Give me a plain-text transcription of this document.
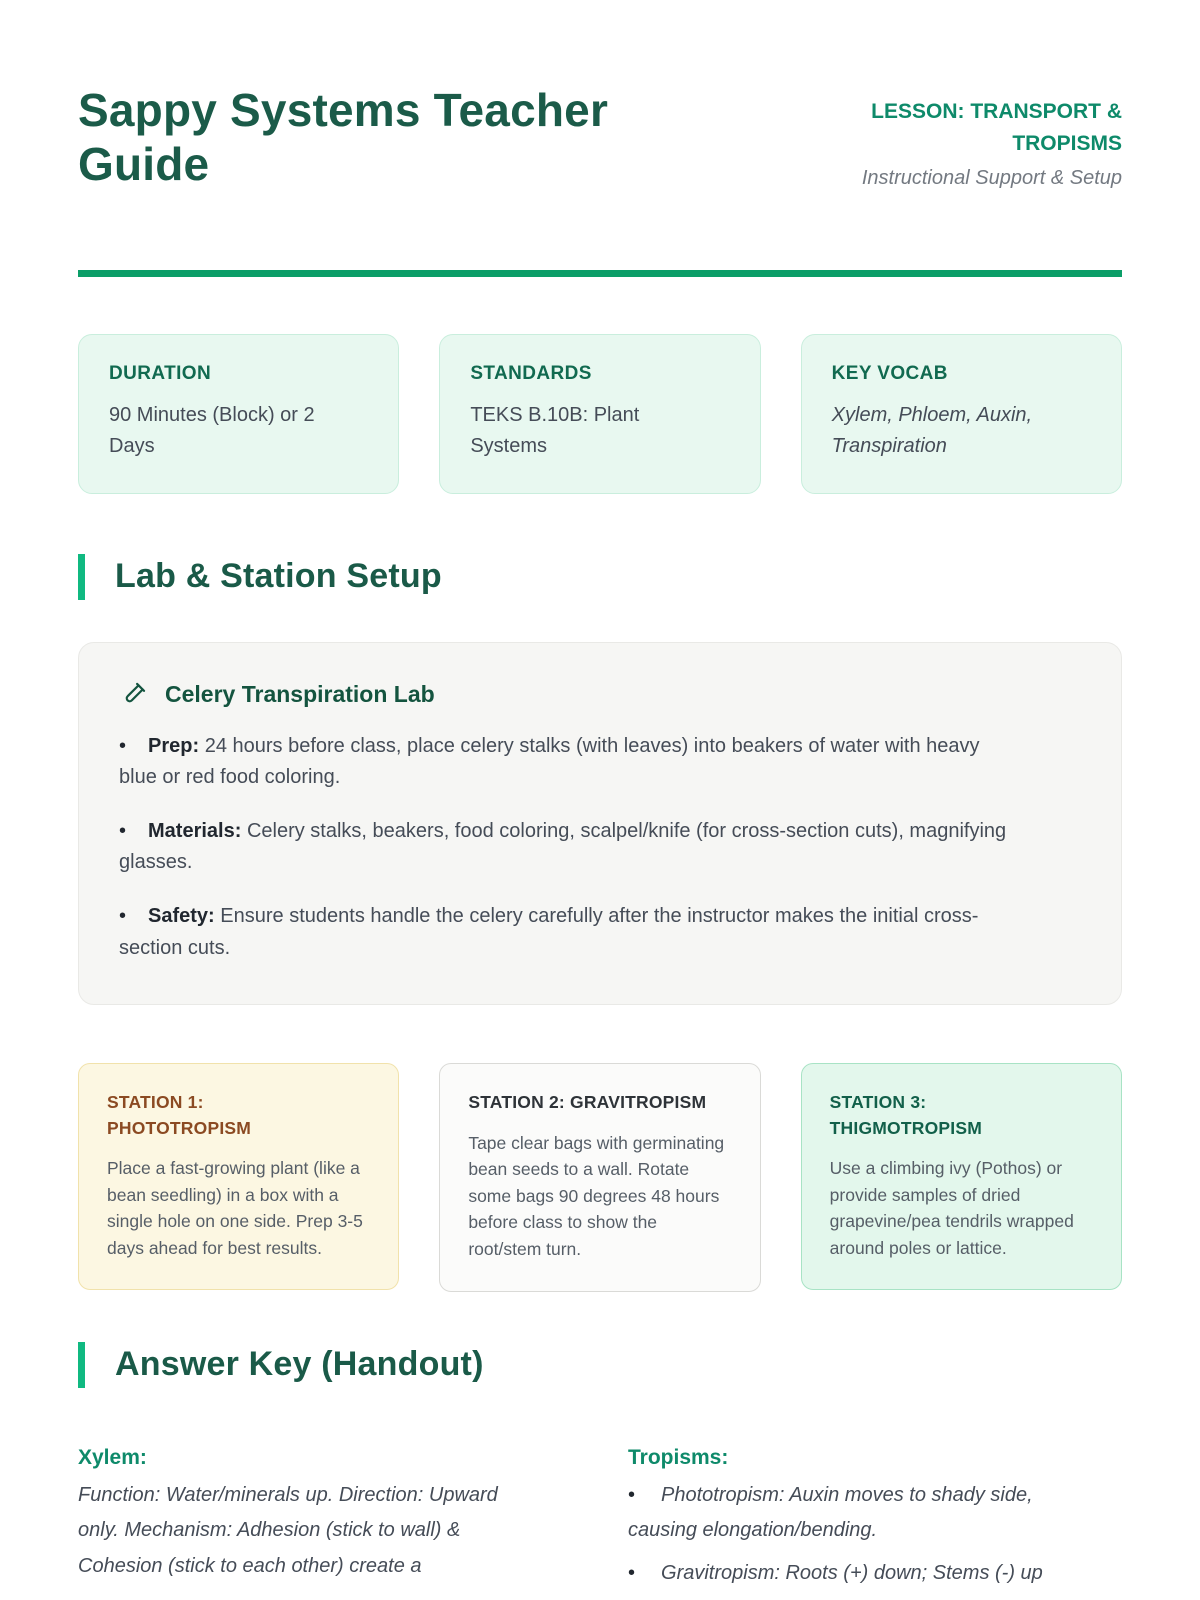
Sappy Systems Teacher Guide
LESSON: TRANSPORT & TROPISMS
Instructional Support & Setup
DURATION
90 Minutes (Block) or 2 Days
STANDARDS
TEKS B.10B: Plant Systems
KEY VOCAB
Xylem, Phloem, Auxin, Transpiration
Lab & Station Setup
Celery Transpiration Lab

• Prep: 24 hours before class, place celery stalks (with leaves) into beakers of water with heavy blue or red food coloring.

• Materials: Celery stalks, beakers, food coloring, scalpel/knife (for cross-section cuts), magnifying glasses.

• Safety: Ensure students handle the celery carefully after the instructor makes the initial cross-section cuts.

STATION 1:
PHOTOTROPISM

Place a fast-growing plant (like a bean seedling) in a box with a single hole on one side. Prep 3-5 days ahead for best results.

STATION 2: GRAVITROPISM

Tape clear bags with germinating bean seeds to a wall. Rotate some bags 90 degrees 48 hours before class to show the root/stem turn.

STATION 3:
THIGMOTROPISM

Use a climbing ivy (Pothos) or provide samples of dried grapevine/pea tendrils wrapped around poles or lattice.

Answer Key (Handout)
Xylem:

Function: Water/minerals up. Direction: Upward only. Mechanism: Adhesion (stick to wall) & Cohesion (stick to each other) create a

Tropisms:

• Phototropism: Auxin moves to shady side, causing elongation/bending.

• Gravitropism: Roots (+) down; Stems (-) up
